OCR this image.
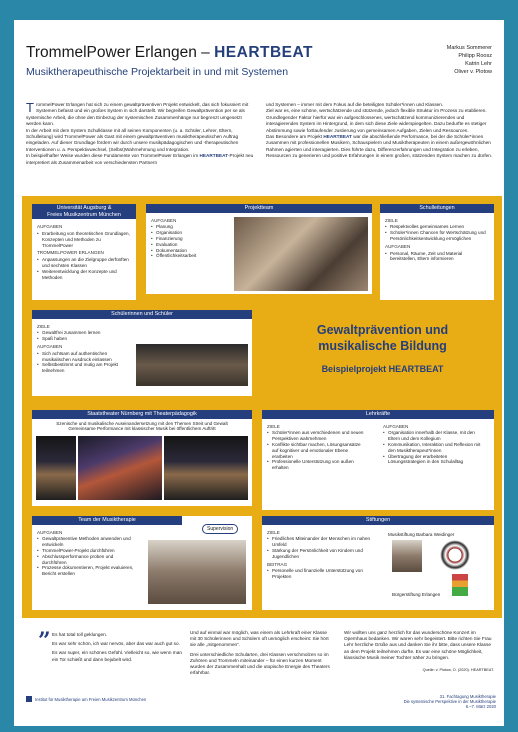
TrommelPower Erlangen – HEARTBEAT
Musiktherapeuthische Projektarbeit in und mit Systemen
Markus Sommerer
Philipp Roosz
Katrin Lehr
Oliver v. Plotow

TrommelPower Erlangen hat sich zu einem gewaltpräventiven Projekt entwickelt, das sich fokussiert mit Systemen befasst und ein großes System in sich darstellt. Wir begreifen Gewaltprävention per se als systemische Arbeit, die ohne den Einbezug der systemischen Zusammenhänge nur begrenzt umgesetzt werden kann.

In der Arbeit mit dem System Schulklasse mit all seinen Komponenten (u. a. Schüler, Lehrer, Eltern, Schulleitung) wird TrommelPower als Gast mit einem gewaltpräventiven musiktherapeutischen Auftrag eingeladen. Auf dieser Grundlage fördern wir durch unsere musikpädagogischen und -therapeutischen Interventionen u. a. Perspektivwechsel, (Selbst)Wahrnehmung und Integration.

In beispielhafter Weise wurden diese Fundamente von TrommelPower Erlangen im HEARTBEAT-Projekt neu interpretiert als Zusammenarbeit von verschiedensten Partnern

und Systemen – immer mit dem Fokus auf die beteiligten Schüler*innen und Klassen.

Ziel war es, eine schöne, wertschätzende und stützende, jedoch flexible Struktur im Prozess zu etablieren. Grundlegender Faktor hierfür war ein aufgeschlossenes, wertschätzend kommunizierendes und interagierendes System im Hintergrund, in dem sich diese Ziele widerspiegelten. Dazu bedurfte es stetiger Abstimmung sowie fortlaufender Justierung von gemeinsamen Aufgaben, Zielen und Ressourcen.

Das Besondere am Projekt HEARTBEAT war die abschließende Performance, bei der die Schüler*innen zusammen mit professionellen Musikern, Schauspielern und Musiktherapeuten in einem außergewöhnlichen Rahmen agierten und interagierten. Dies führte dazu, Differenzerfahrungen und Integration zu erleben, Ressourcen zu generieren und positive Erfahrungen in einem großen, stützenden System machen zu dürfen.

Universität Augsburg &
Freies Musikzentrum München
AUFGABEN
• Erarbeitung von theoretischen Grundlagen, Konzepten und Methoden zu TrommelPower
TROMMELPOWER ERLANGEN
• Anpassungen an die Zielgruppe derfünften und sechsten Klassen
• Weiterentwicklung der Konzepte und Methoden
Projektteam
AUFGABEN
• Planung
• Organisation
• Finanzierung
• Evaluation
• Dokumentation
• Öffentlichkeitsarbeit
Schulleitungen
ZIELE
• Respektvolles gemeinsames Lernen
• Schüler*innen Chancen für Wertschätzung und Persönlichkeitsentwicklung ermöglichen
AUFGABEN
• Personal, Räume, Zeit und Material bereitstellen, Eltern informieren
Schülerinnen und Schüler
ZIELE
• Gewaltfrei zusammen lernen
• Spaß haben
AUFGABEN
• Sich achtsam auf authentischen musikalischen Ausdruck einlassen
• Selbstbestimmt und mutig am Projekt teilnehmen
Gewaltprävention und
musikalische Bildung
Beispielprojekt HEARTBEAT
Staatstheater Nürnberg mit Theaterpädagogik
Szenische und musikalische Auseinandersetzung mit den Themen Streit und Gewalt
Gemeinsame Performance mit klassischer Musik bei öffentlichem Auftritt
Lehrkräfte
ZIELE
• Schüler*innen aus verschiedenen und neuen Perspektiven wahrnehmen
• Konflikte sichtbar machen, Lösungsansätze auf kognitiver und emotionaler Ebene erarbeiten
• Professionelle Unterstützung von außen erhalten
AUFGABEN
• Organisation innerhalb der Klasse, mit den Eltern und dem Kollegium
• Kommunikation, Interaktion und Reflexion mit den Musiktherapeut*innen
• Übertragung der erarbeiteten Lösungsstrategien in den Schulalltag
Team der Musiktherapie
AUFGABEN
• Gewaltpräventive Methoden anwenden und entwickeln
• TrommelPower-Projekt durchführen
• Abschlussperformance proben und durchführen
• Prozesse dokumentieren, Projekt evaluieren, Bericht erstellen
Supervision
Stiftungen
ZIELE
• Friedliches Miteinander der Menschen im nahen Umfeld
• Stärkung der Persönlichkeit von Kindern und Jugendlichen
BEITRAG
• Personelle und finanzielle Unterstützung von Projekten
Musikstiftung Barbara Weidinger
Bürgerstiftung Erlangen
” Es hat total toll geklungen.
Es war sehr schön, ich war nervös, aber das war auch gut so.
Es war super, ein schönes Gefühl. Vielleicht so, wie wenn man ein Tor schießt und dann bejubelt wird.
Und auf einmal war möglich, was einem als Lehrkraft einer Klasse mit 30 Schülerinnen und Schülern oft unmöglich erscheint: Sie hört sie alle „mitgenommen“.
Drei unterschiedliche Schularten, drei Klassen verschmolzen so im Zuhören und Trommeln miteinander – für einen kurzen Moment wurden der Zusammenhalt und die utopische Energie des Theaters erfahrbar.
Wir wollten uns ganz herzlich für das wunderschöne Konzert im Opernhaus bedanken. Wir waren sehr begeistert. Bitte richten Sie Frau Lehr herzliche Grüße aus und danken Sie ihr bitte, dass unsere Klasse an dem Projekt teilnehmen durfte. Es war eine schöne Möglichkeit, klassische Musik meiner Tochter näher zu bringen.
Quelle: v. Plotow, O. (2020). HEARTBEAT.
Institut für Musiktherapie am Freien Musikzentrum München	31. Fachtagung Musiktherapie
Die systemische Perspektive in der Musiktherapie
6.–7. März 2020
